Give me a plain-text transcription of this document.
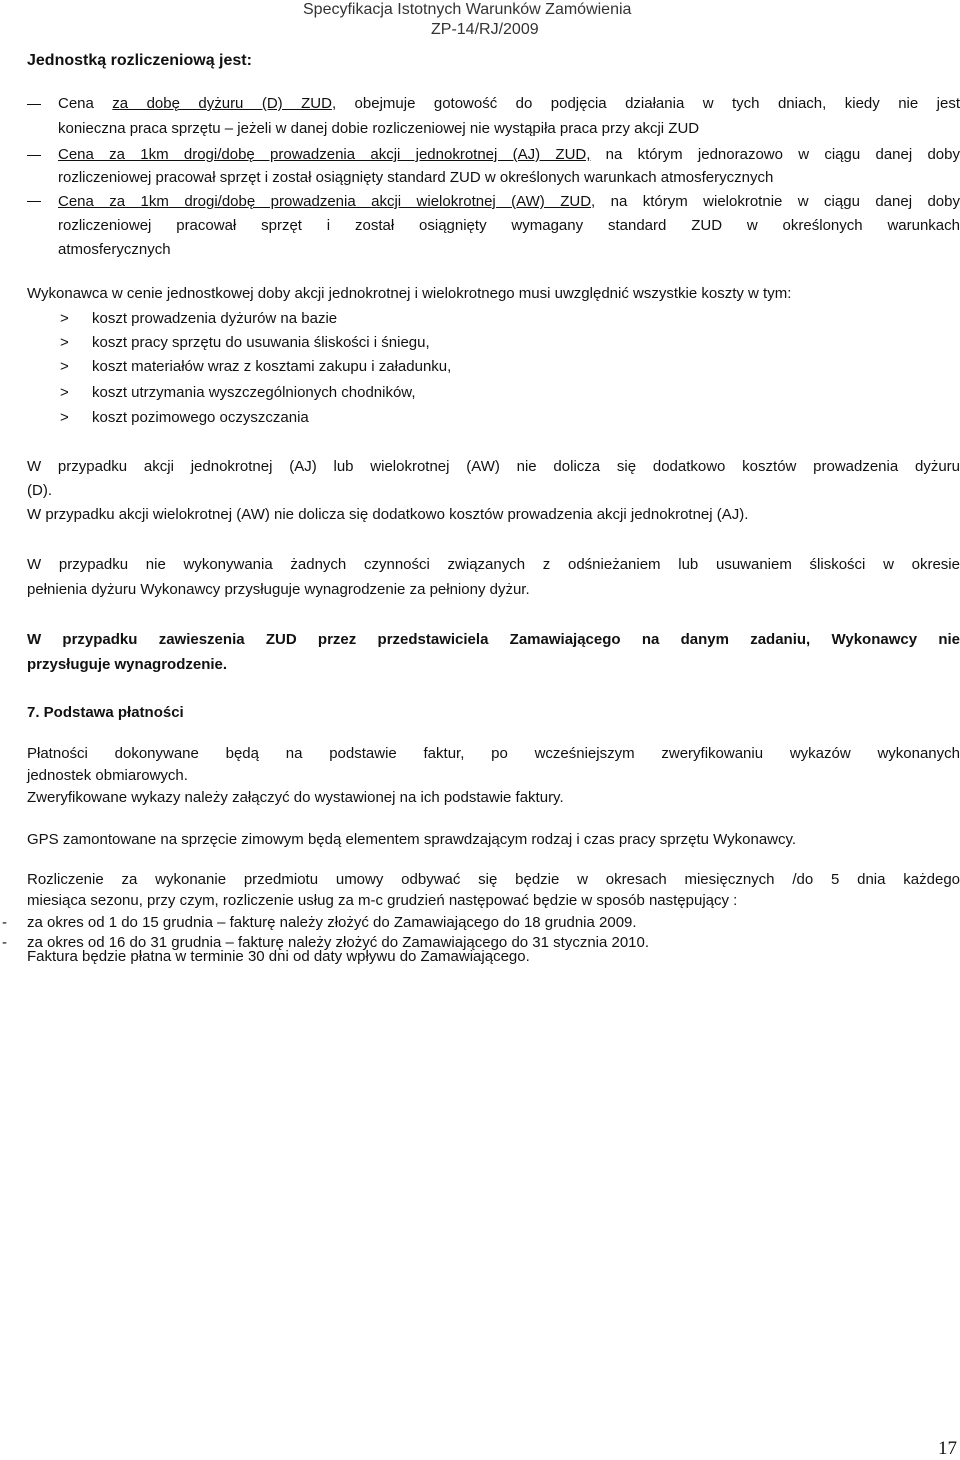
Specyfikacja Istotnych Warunków Zamówienia
ZP-14/RJ/2009
Jednostką rozliczeniową jest:
Cena za dobę dyżuru (D) ZUD, obejmuje gotowość do podjęcia działania w tych dniach, kiedy nie jest
konieczna praca sprzętu – jeżeli w danej dobie rozliczeniowej nie wystąpiła praca przy akcji ZUD
Cena za 1km drogi/dobę prowadzenia akcji jednokrotnej (AJ) ZUD, na którym jednorazowo w ciągu danej doby
rozliczeniowej pracował sprzęt i został osiągnięty standard ZUD w określonych warunkach atmosferycznych
Cena za 1km drogi/dobę prowadzenia akcji wielokrotnej (AW) ZUD, na którym wielokrotnie w ciągu danej doby
rozliczeniowej pracował sprzęt i został osiągnięty wymagany standard ZUD w określonych warunkach
atmosferycznych
Wykonawca w cenie jednostkowej doby akcji jednokrotnej i wielokrotnego musi uwzględnić wszystkie koszty w tym:
> koszt prowadzenia dyżurów na bazie
> koszt pracy sprzętu do usuwania śliskości i śniegu,
> koszt materiałów wraz z kosztami zakupu i załadunku,
> koszt utrzymania wyszczególnionych chodników,
> koszt pozimowego oczyszczania
W przypadku akcji jednokrotnej (AJ) lub wielokrotnej (AW) nie dolicza się dodatkowo kosztów prowadzenia dyżuru
(D).
W przypadku akcji wielokrotnej (AW) nie dolicza się dodatkowo kosztów prowadzenia akcji jednokrotnej (AJ).
W przypadku nie wykonywania żadnych czynności związanych z odśnieżaniem lub usuwaniem śliskości w okresie
pełnienia dyżuru Wykonawcy przysługuje wynagrodzenie za pełniony dyżur.
W przypadku zawieszenia ZUD przez przedstawiciela Zamawiającego na danym zadaniu, Wykonawcy nie
przysługuje wynagrodzenie.
7. Podstawa płatności
Płatności dokonywane będą na podstawie faktur, po wcześniejszym zweryfikowaniu wykazów wykonanych
jednostek obmiarowych.
Zweryfikowane wykazy należy załączyć do wystawionej na ich podstawie faktury.
GPS zamontowane na sprzęcie zimowym będą elementem sprawdzającym rodzaj i czas pracy sprzętu Wykonawcy.
Rozliczenie za wykonanie przedmiotu umowy odbywać się będzie w okresach miesięcznych /do 5 dnia każdego
miesiąca sezonu, przy czym, rozliczenie usług za m-c grudzień następować będzie w sposób następujący :
- za okres od 1 do 15 grudnia – fakturę należy złożyć do Zamawiającego do 18 grudnia 2009.
- za okres od 16 do 31 grudnia – fakturę należy złożyć do Zamawiającego do 31 stycznia 2010.
Faktura będzie płatna w terminie 30 dni od daty wpływu do Zamawiającego.
17
